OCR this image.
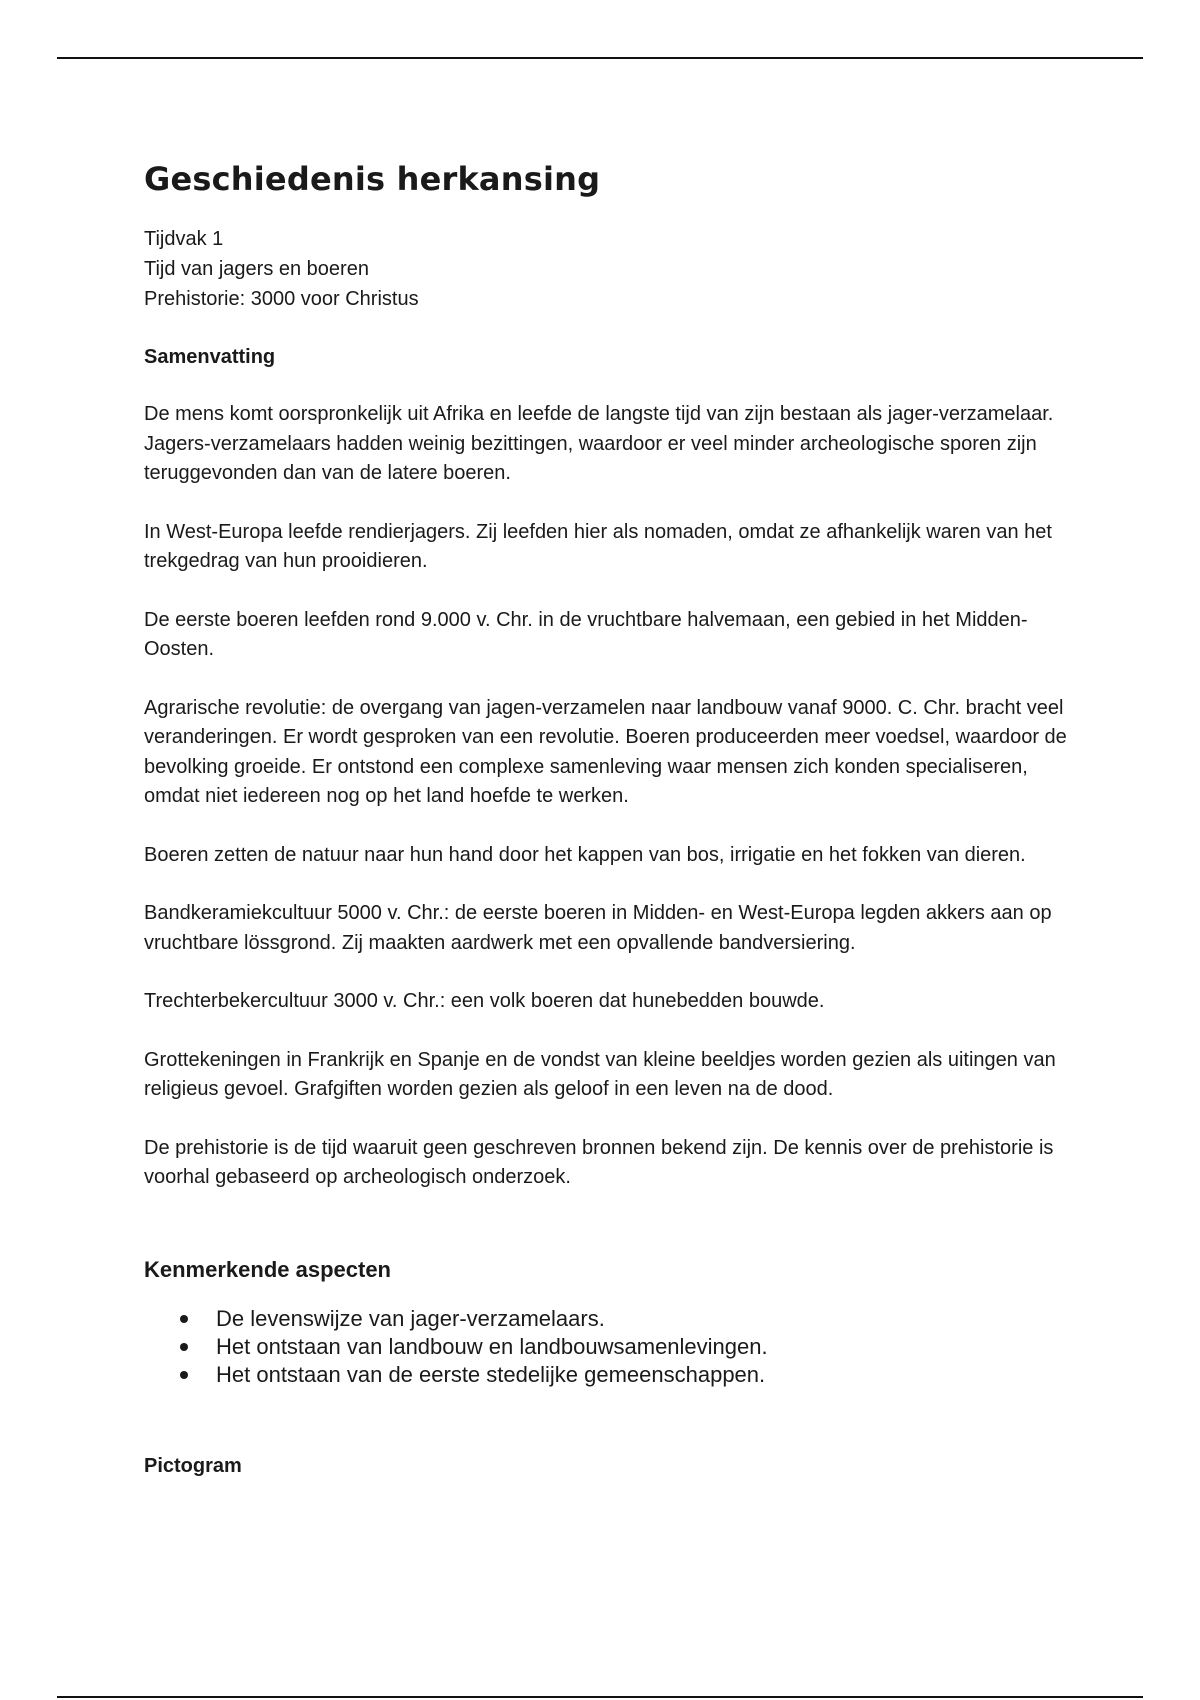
Geschiedenis herkansing

Tijdvak 1

Tijd van jagers en boeren

Prehistorie: 3000 voor Christus

Samenvatting

De mens komt oorspronkelijk uit Afrika en leefde de langste tijd van zijn bestaan als jager-verzamelaar. Jagers-verzamelaars hadden weinig bezittingen, waardoor er veel minder archeologische sporen zijn teruggevonden dan van de latere boeren.

In West-Europa leefde rendierjagers. Zij leefden hier als nomaden, omdat ze afhankelijk waren van het trekgedrag van hun prooidieren.

De eerste boeren leefden rond 9.000 v. Chr. in de vruchtbare halvemaan, een gebied in het Midden-Oosten.

Agrarische revolutie: de overgang van jagen-verzamelen naar landbouw vanaf 9000. C. Chr. bracht veel veranderingen. Er wordt gesproken van een revolutie. Boeren produceerden meer voedsel, waardoor de bevolking groeide. Er ontstond een complexe samenleving waar mensen zich konden specialiseren, omdat niet iedereen nog op het land hoefde te werken.

Boeren zetten de natuur naar hun hand door het kappen van bos, irrigatie en het fokken van dieren.

Bandkeramiekcultuur 5000 v. Chr.: de eerste boeren in Midden- en West-Europa legden akkers aan op vruchtbare lössgrond. Zij maakten aardwerk met een opvallende bandversiering.

Trechterbekercultuur 3000 v. Chr.: een volk boeren dat hunebedden bouwde.

Grottekeningen in Frankrijk en Spanje en de vondst van kleine beeldjes worden gezien als uitingen van religieus gevoel. Grafgiften worden gezien als geloof in een leven na de dood.

De prehistorie is de tijd waaruit geen geschreven bronnen bekend zijn. De kennis over de prehistorie is voorhal gebaseerd op archeologisch onderzoek.

Kenmerkende aspecten
De levenswijze van jager-verzamelaars.
Het ontstaan van landbouw en landbouwsamenlevingen.
Het ontstaan van de eerste stedelijke gemeenschappen.
Pictogram
